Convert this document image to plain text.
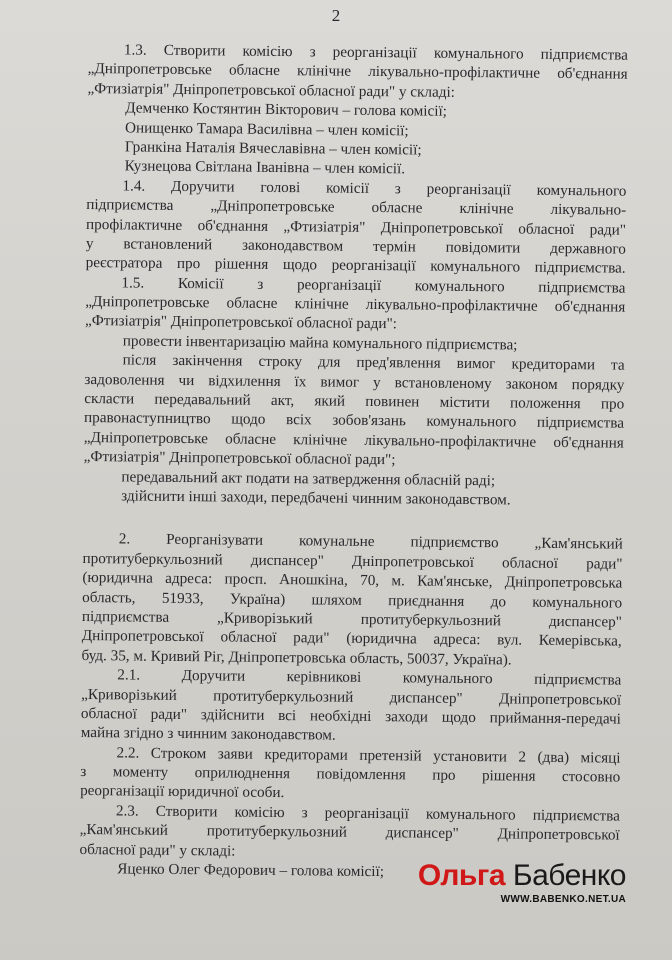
2
1.3. Створити комісію з реорганізації комунального підприємства
„Дніпропетровське обласне клінічне лікувально-профілактичне об'єднання
„Фтизіатрія" Дніпропетровської обласної ради" у складі:
Демченко Костянтин Вікторович – голова комісії;
Онищенко Тамара Василівна – член комісії;
Гранкіна Наталія Вячеславівна – член комісії;
Кузнецова Світлана Іванівна – член комісії.
1.4. Доручити голові комісії з реорганізації комунального
підприємства „Дніпропетровське обласне клінічне лікувально-
профілактичне об'єднання „Фтизіатрія" Дніпропетровської обласної ради"
у встановлений законодавством термін повідомити державного
реєстратора про рішення щодо реорганізації комунального підприємства.
1.5. Комісії з реорганізації комунального підприємства
„Дніпропетровське обласне клінічне лікувально-профілактичне об'єднання
„Фтизіатрія" Дніпропетровської обласної ради":
провести інвентаризацію майна комунального підприємства;
після закінчення строку для пред'явлення вимог кредиторами та
задоволення чи відхилення їх вимог у встановленому законом порядку
скласти передавальний акт, який повинен містити положення про
правонаступництво щодо всіх зобов'язань комунального підприємства
„Дніпропетровське обласне клінічне лікувально-профілактичне об'єднання
„Фтизіатрія" Дніпропетровської обласної ради";
передавальний акт подати на затвердження обласній раді;
здійснити інші заходи, передбачені чинним законодавством.
2. Реорганізувати комунальне підприємство „Кам'янський
протитуберкульозний диспансер" Дніпропетровської обласної ради"
(юридична адреса: просп. Аношкіна, 70, м. Кам'янське, Дніпропетровська
область, 51933, Україна) шляхом приєднання до комунального
підприємства „Криворізький протитуберкульозний диспансер"
Дніпропетровської обласної ради" (юридична адреса: вул. Кемерівська,
буд. 35, м. Кривий Ріг, Дніпропетровська область, 50037, Україна).
2.1. Доручити керівникові комунального підприємства
„Криворізький протитуберкульозний диспансер" Дніпропетровської
обласної ради" здійснити всі необхідні заходи щодо приймання-передачі
майна згідно з чинним законодавством.
2.2. Строком заяви кредиторами претензій установити 2 (два) місяці
з моменту оприлюднення повідомлення про рішення стосовно
реорганізації юридичної особи.
2.3. Створити комісію з реорганізації комунального підприємства
„Кам'янський протитуберкульозний диспансер" Дніпропетровської
обласної ради" у складі:
Яценко Олег Федорович – голова комісії;	Ольга Бабенко
WWW.BABENKO.NET.UA
